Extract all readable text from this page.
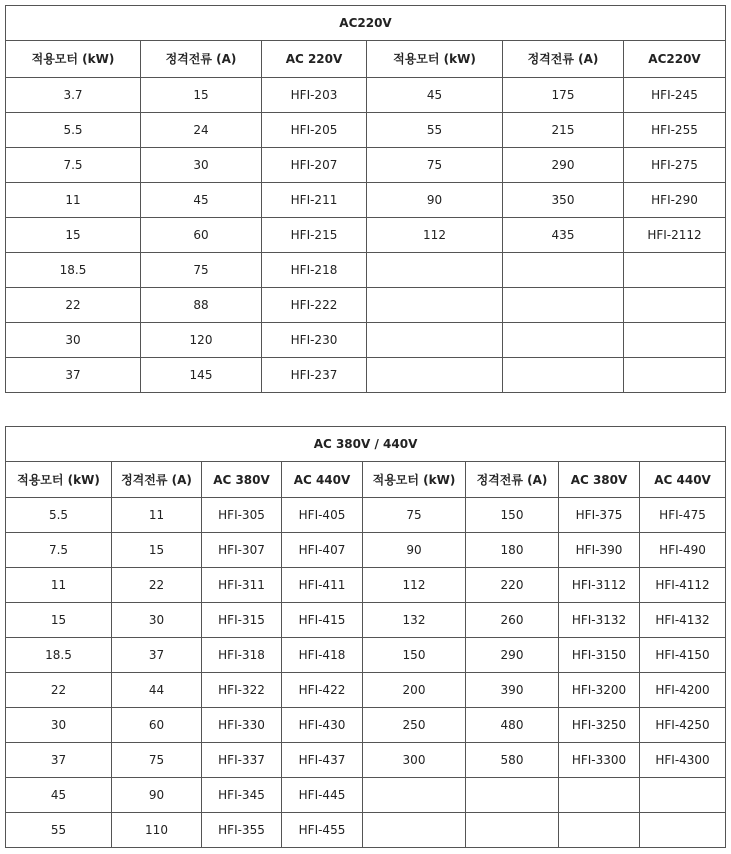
AC220V					
적용모터 (kW)	정격전류 (A)	AC 220V	적용모터 (kW)	정격전류 (A)	AC220V
3.7	15	HFI-203	45	175	HFI-245
5.5	24	HFI-205	55	215	HFI-255
7.5	30	HFI-207	75	290	HFI-275
11	45	HFI-211	90	350	HFI-290
15	60	HFI-215	112	435	HFI-2112
18.5	75	HFI-218			
22	88	HFI-222			
30	120	HFI-230			
37	145	HFI-237			
AC 380V / 440V							
적용모터 (kW)	정격전류 (A)	AC 380V	AC 440V	적용모터 (kW)	정격전류 (A)	AC 380V	AC 440V
5.5	11	HFI-305	HFI-405	75	150	HFI-375	HFI-475
7.5	15	HFI-307	HFI-407	90	180	HFI-390	HFI-490
11	22	HFI-311	HFI-411	112	220	HFI-3112	HFI-4112
15	30	HFI-315	HFI-415	132	260	HFI-3132	HFI-4132
18.5	37	HFI-318	HFI-418	150	290	HFI-3150	HFI-4150
22	44	HFI-322	HFI-422	200	390	HFI-3200	HFI-4200
30	60	HFI-330	HFI-430	250	480	HFI-3250	HFI-4250
37	75	HFI-337	HFI-437	300	580	HFI-3300	HFI-4300
45	90	HFI-345	HFI-445				
55	110	HFI-355	HFI-455				
